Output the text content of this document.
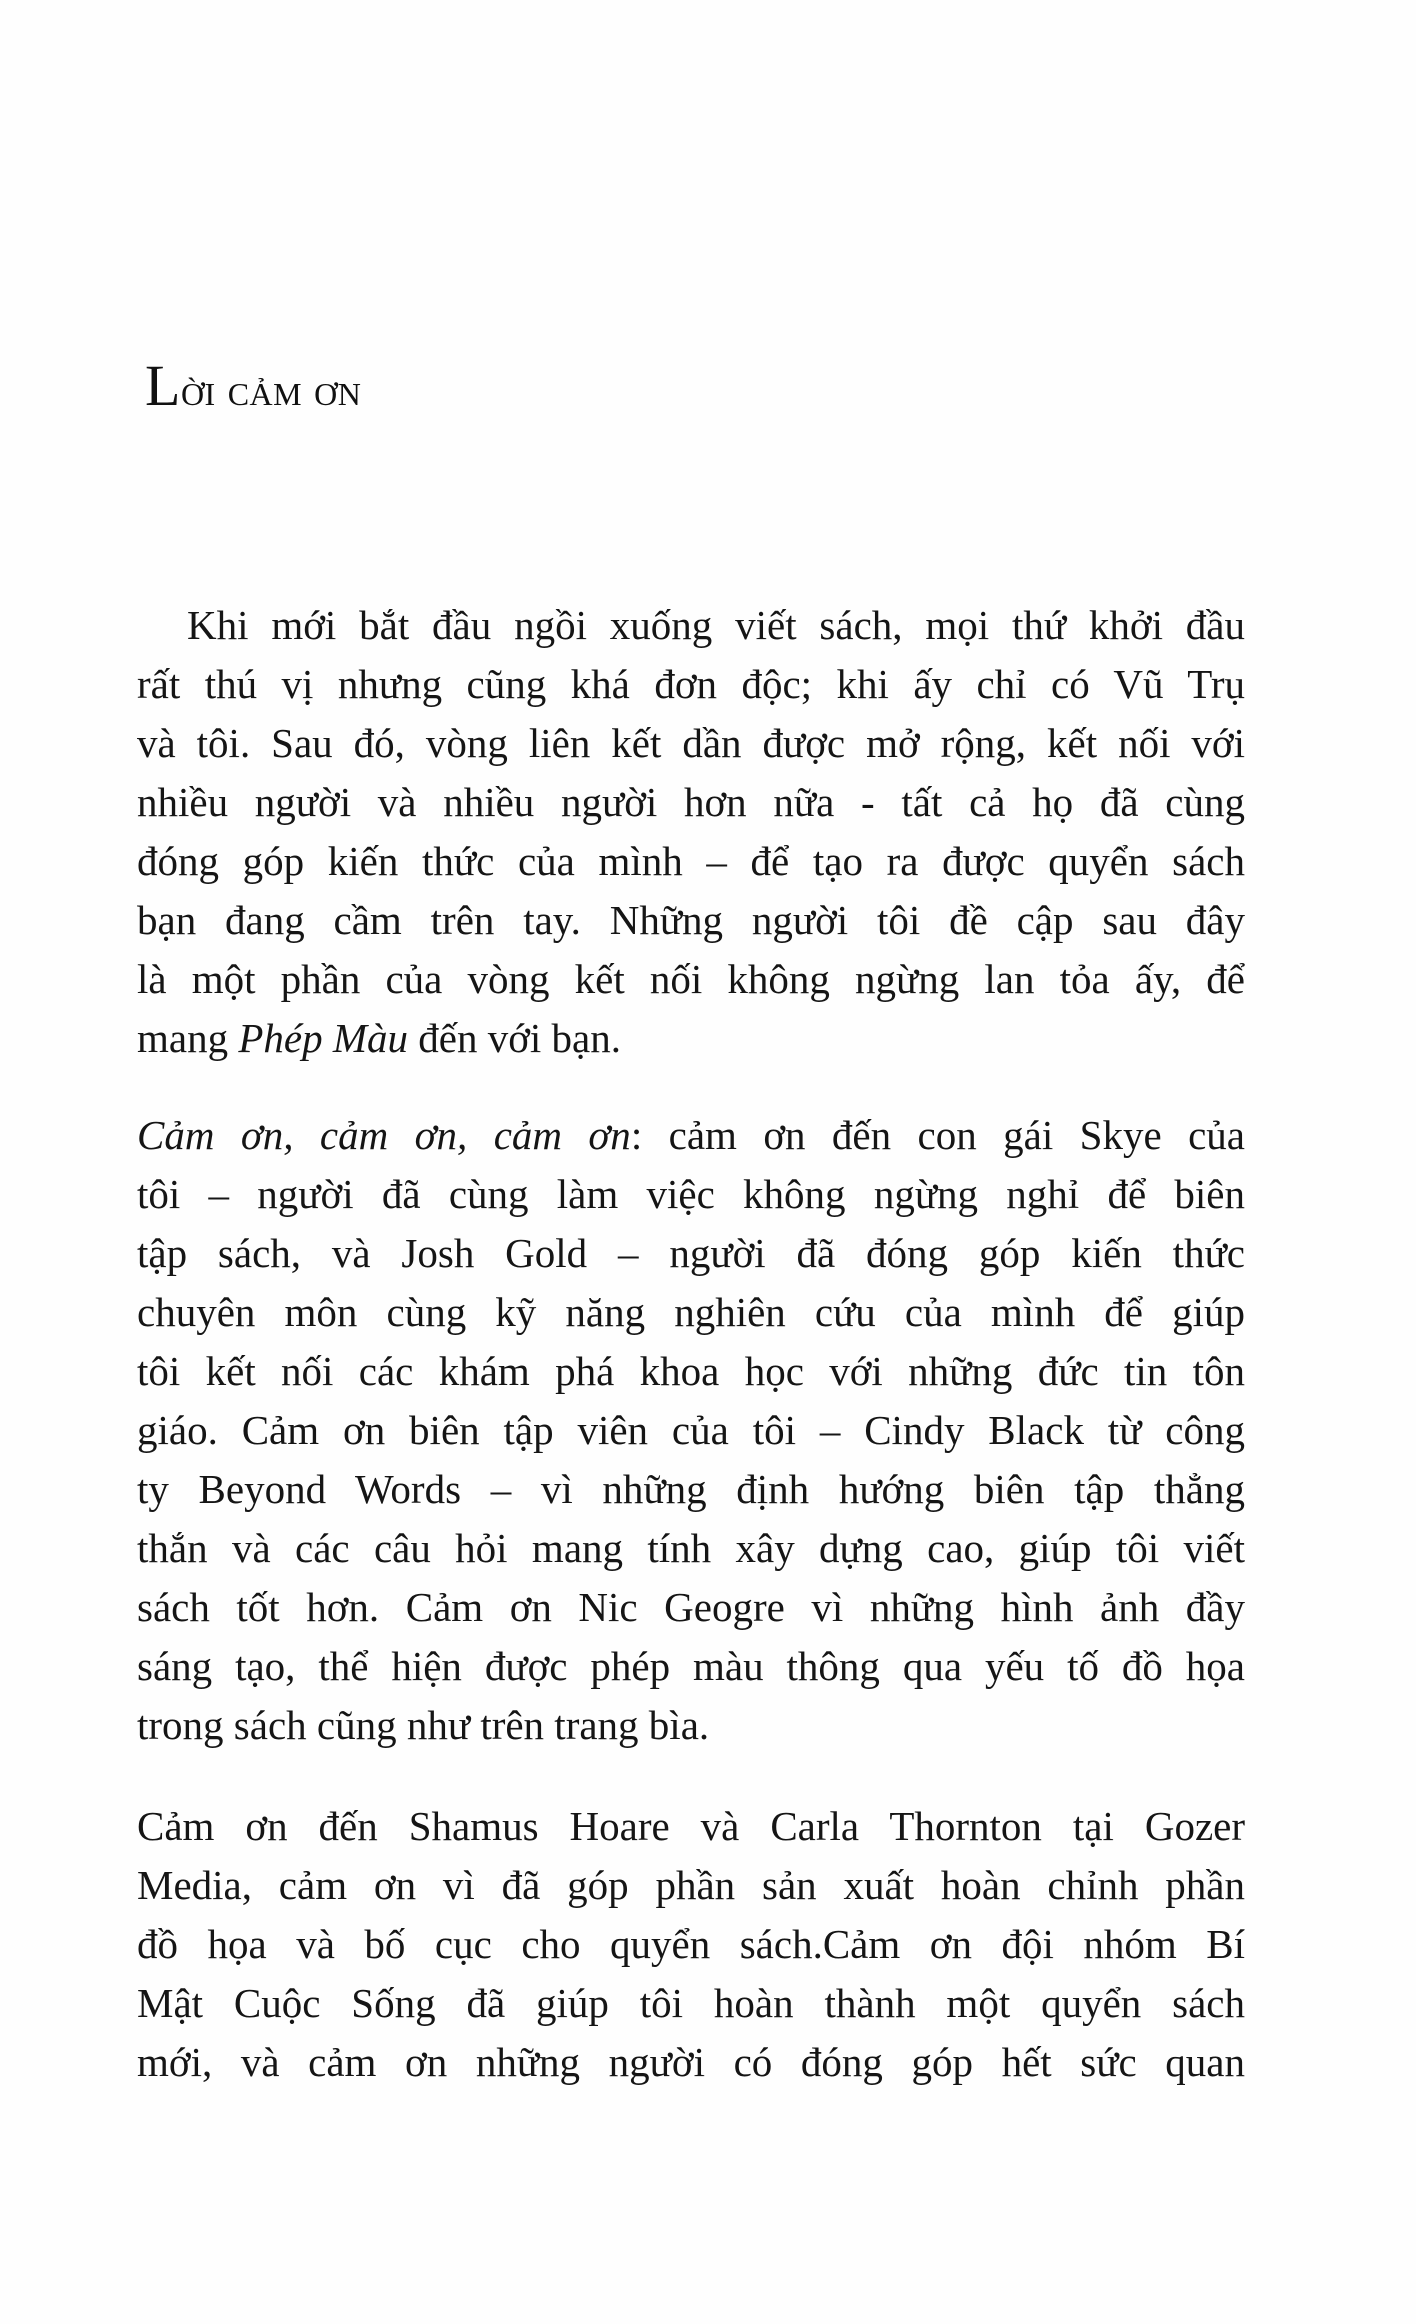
Lời cảm ơn
Khi mới bắt đầu ngồi xuống viết sách, mọi thứ khởi đầu
rất thú vị nhưng cũng khá đơn độc; khi ấy chỉ có Vũ Trụ
và tôi. Sau đó, vòng liên kết dần được mở rộng, kết nối với
nhiều người và nhiều người hơn nữa - tất cả họ đã cùng
đóng góp kiến thức của mình – để tạo ra được quyển sách
bạn đang cầm trên tay. Những người tôi đề cập sau đây
là một phần của vòng kết nối không ngừng lan tỏa ấy, để
mang Phép Màu đến với bạn.
Cảm ơn, cảm ơn, cảm ơn: cảm ơn đến con gái Skye của
tôi – người đã cùng làm việc không ngừng nghỉ để biên
tập sách, và Josh Gold – người đã đóng góp kiến thức
chuyên môn cùng kỹ năng nghiên cứu của mình để giúp
tôi kết nối các khám phá khoa học với những đức tin tôn
giáo. Cảm ơn biên tập viên của tôi – Cindy Black từ công
ty Beyond Words – vì những định hướng biên tập thẳng
thắn và các câu hỏi mang tính xây dựng cao, giúp tôi viết
sách tốt hơn. Cảm ơn Nic Geogre vì những hình ảnh đầy
sáng tạo, thể hiện được phép màu thông qua yếu tố đồ họa
trong sách cũng như trên trang bìa.
Cảm ơn đến Shamus Hoare và Carla Thornton tại Gozer
Media, cảm ơn vì đã góp phần sản xuất hoàn chỉnh phần
đồ họa và bố cục cho quyển sách.Cảm ơn đội nhóm Bí
Mật Cuộc Sống đã giúp tôi hoàn thành một quyển sách
mới, và cảm ơn những người có đóng góp hết sức quan
